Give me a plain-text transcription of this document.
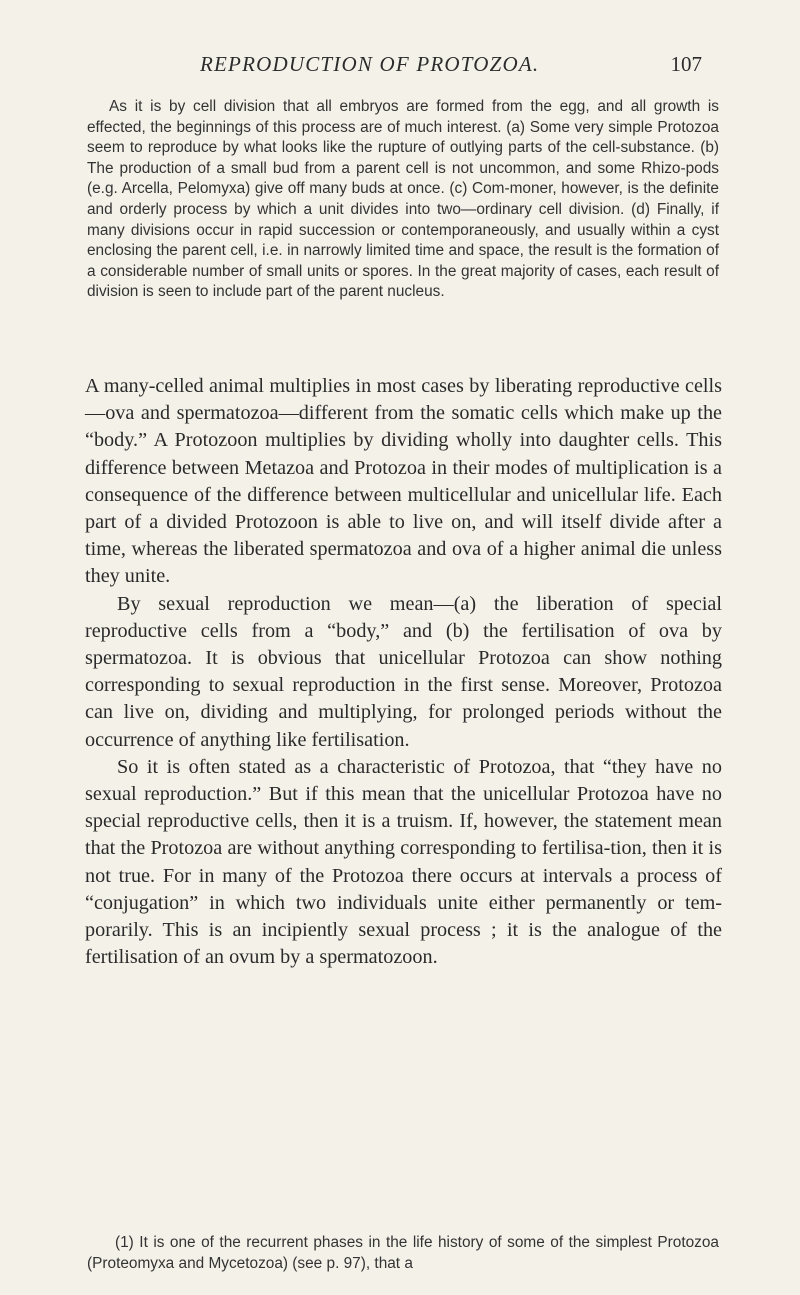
REPRODUCTION OF PROTOZOA.	107

As it is by cell division that all embryos are formed from the egg, and all growth is effected, the beginnings of this process are of much interest. (a) Some very simple Protozoa seem to reproduce by what looks like the rupture of outlying parts of the cell-substance. (b) The production of a small bud from a parent cell is not uncommon, and some Rhizo-pods (e.g. Arcella, Pelomyxa) give off many buds at once. (c) Com-moner, however, is the definite and orderly process by which a unit divides into two—ordinary cell division. (d) Finally, if many divisions occur in rapid succession or contemporaneously, and usually within a cyst enclosing the parent cell, i.e. in narrowly limited time and space, the result is the formation of a considerable number of small units or spores. In the great majority of cases, each result of division is seen to include part of the parent nucleus.

A many-celled animal multiplies in most cases by liberating reproductive cells—ova and spermatozoa—different from the somatic cells which make up the “body.” A Protozoon multiplies by dividing wholly into daughter cells. This difference between Metazoa and Protozoa in their modes of multiplication is a consequence of the difference between multicellular and unicellular life. Each part of a divided Protozoon is able to live on, and will itself divide after a time, whereas the liberated spermatozoa and ova of a higher animal die unless they unite.

By sexual reproduction we mean—(a) the liberation of special reproductive cells from a “body,” and (b) the fertilisation of ova by spermatozoa. It is obvious that unicellular Protozoa can show nothing corresponding to sexual reproduction in the first sense. Moreover, Protozoa can live on, dividing and multiplying, for prolonged periods without the occurrence of anything like fertilisation.

So it is often stated as a characteristic of Protozoa, that “they have no sexual reproduction.” But if this mean that the unicellular Protozoa have no special reproductive cells, then it is a truism. If, however, the statement mean that the Protozoa are without anything corresponding to fertilisa-tion, then it is not true. For in many of the Protozoa there occurs at intervals a process of “conjugation” in which two individuals unite either permanently or tem-porarily. This is an incipiently sexual process ; it is the analogue of the fertilisation of an ovum by a spermatozoon.

(1) It is one of the recurrent phases in the life history of some of the simplest Protozoa (Proteomyxa and Mycetozoa) (see p. 97), that a
